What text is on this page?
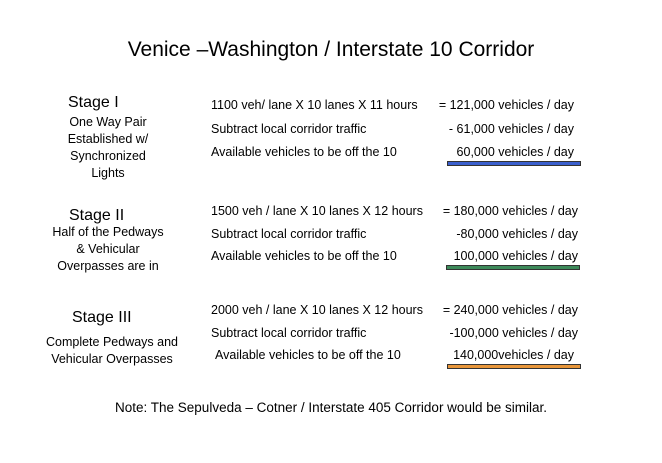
Venice –Washington / Interstate 10 Corridor
Stage I
One Way Pair
Established w/
Synchronized
Lights
1100 veh/ lane X 10 lanes X 11 hours = 121,000 vehicles / day
Subtract local corridor traffic	- 61,000 vehicles / day
Available vehicles to be off the 10	60,000 vehicles / day
Stage II
Half of the Pedways
& Vehicular
Overpasses are in
1500 veh / lane X 10 lanes X 12 hours = 180,000 vehicles / day
Subtract local corridor traffic	-80,000 vehicles / day
Available vehicles to be off the 10	100,000 vehicles / day
Stage III
Complete Pedways and
Vehicular Overpasses
2000 veh / lane X 10 lanes X 12 hours = 240,000 vehicles / day
Subtract local corridor traffic	-100,000 vehicles / day
Available vehicles to be off the 10	140,000vehicles / day
Note: The Sepulveda – Cotner / Interstate 405 Corridor would be similar.
